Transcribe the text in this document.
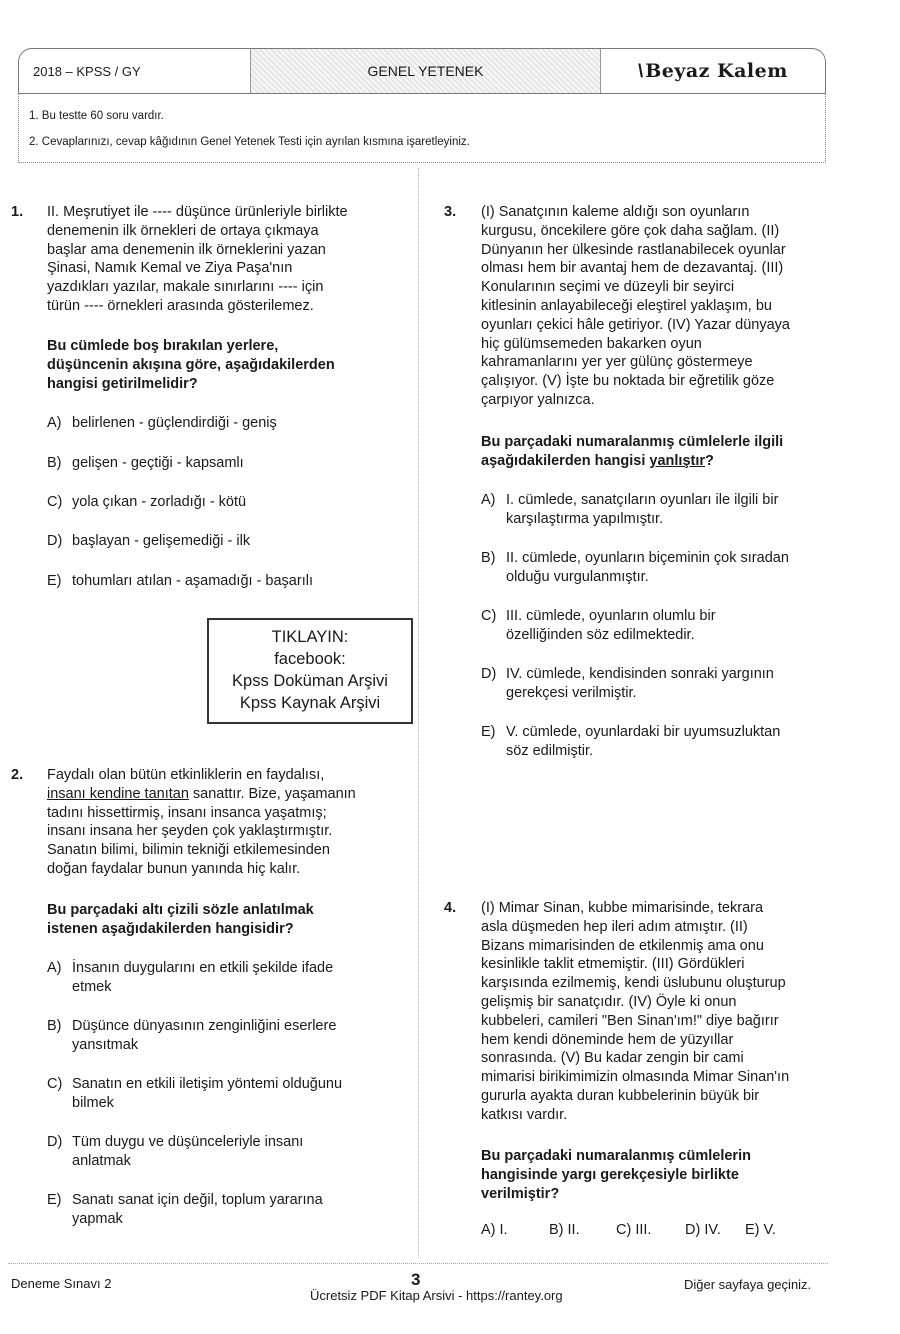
2018 – KPSS / GY	GENEL YETENEK	\ Beyaz Kalem
1. Bu testte 60 soru vardır.
2. Cevaplarınızı, cevap kâğıdının Genel Yetenek Testi için ayrılan kısmına işaretleyiniz.
1. II. Meşrutiyet ile ---- düşünce ürünleriyle birlikte
denemenin ilk örnekleri de ortaya çıkmaya
başlar ama denemenin ilk örneklerini yazan
Şinasi, Namık Kemal ve Ziya Paşa'nın
yazdıkları yazılar, makale sınırlarını ---- için
türün ---- örnekleri arasında gösterilemez.
Bu cümlede boş bırakılan yerlere,
düşüncenin akışına göre, aşağıdakilerden
hangisi getirilmelidir?
A) belirlenen - güçlendirdiği - geniş
B) gelişen - geçtiği - kapsamlı
C) yola çıkan - zorladığı - kötü
D) başlayan - gelişemediği - ilk
E) tohumları atılan - aşamadığı - başarılı
TIKLAYIN:
facebook:
Kpss Doküman Arşivi
Kpss Kaynak Arşivi
2. Faydalı olan bütün etkinliklerin en faydalısı,
insanı kendine tanıtan sanattır. Bize, yaşamanın
tadını hissettirmiş, insanı insanca yaşatmış;
insanı insana her şeyden çok yaklaştırmıştır.
Sanatın bilimi, bilimin tekniği etkilemesinden
doğan faydalar bunun yanında hiç kalır.
Bu parçadaki altı çizili sözle anlatılmak
istenen aşağıdakilerden hangisidir?
A) İnsanın duygularını en etkili şekilde ifade
etmek
B) Düşünce dünyasının zenginliğini eserlere
yansıtmak
C) Sanatın en etkili iletişim yöntemi olduğunu
bilmek
D) Tüm duygu ve düşünceleriyle insanı
anlatmak
E) Sanatı sanat için değil, toplum yararına
yapmak
3. (I) Sanatçının kaleme aldığı son oyunların
kurgusu, öncekilere göre çok daha sağlam. (II)
Dünyanın her ülkesinde rastlanabilecek oyunlar
olması hem bir avantaj hem de dezavantaj. (III)
Konularının seçimi ve düzeyli bir seyirci
kitlesinin anlayabileceği eleştirel yaklaşım, bu
oyunları çekici hâle getiriyor. (IV) Yazar dünyaya
hiç gülümsemeden bakarken oyun
kahramanlarını yer yer gülünç göstermeye
çalışıyor. (V) İşte bu noktada bir eğretilik göze
çarpıyor yalnızca.
Bu parçadaki numaralanmış cümlelerle ilgili
aşağıdakilerden hangisi yanlıştır?
A) I. cümlede, sanatçıların oyunları ile ilgili bir
karşılaştırma yapılmıştır.
B) II. cümlede, oyunların biçeminin çok sıradan
olduğu vurgulanmıştır.
C) III. cümlede, oyunların olumlu bir
özelliğinden söz edilmektedir.
D) IV. cümlede, kendisinden sonraki yargının
gerekçesi verilmiştir.
E) V. cümlede, oyunlardaki bir uyumsuzluktan
söz edilmiştir.
4. (I) Mimar Sinan, kubbe mimarisinde, tekrara
asla düşmeden hep ileri adım atmıştır. (II)
Bizans mimarisinden de etkilenmiş ama onu
kesinlikle taklit etmemiştir. (III) Gördükleri
karşısında ezilmemiş, kendi üslubunu oluşturup
gelişmiş bir sanatçıdır. (IV) Öyle ki onun
kubbeleri, camileri "Ben Sinan'ım!" diye bağırır
hem kendi döneminde hem de yüzyıllar
sonrasında. (V) Bu kadar zengin bir cami
mimarisi birikimimizin olmasında Mimar Sinan'ın
gururla ayakta duran kubbelerinin büyük bir
katkısı vardır.
Bu parçadaki numaralanmış cümlelerin
hangisinde yargı gerekçesiyle birlikte
verilmiştir?
A) I.	B) II.	C) III.	D) IV.	E) V.
Deneme Sınavı 2	3
Ücretsiz PDF Kitap Arsivi - https://rantey.org
Diğer sayfaya geçiniz.
